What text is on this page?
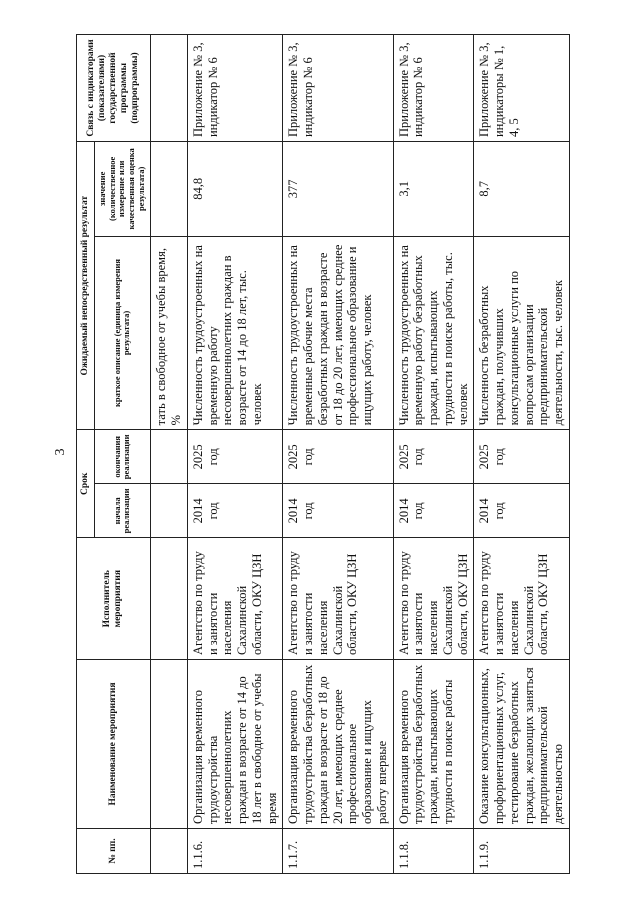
3
№ пп.	Наименование мероприятия	Исполнитель мероприятия	Срок		Ожидаемый непосредственный результат		Связь с индикаторами (показателями) государственной программы (подпрограммы)
			начала реализации	окончания реализации	краткое описание (единица измерения результата)	значение (количественное измерение или качественная оценка результата)	
					тать в свободное от учебы время, %		
1.1.6.	Организация временного трудоустройства несовершеннолетних граждан в возрасте от 14 до 18 лет в свободное от учебы время	Агентство по труду и занятости населения Сахалинской области, ОКУ ЦЗН	2014 год	2025 год	Численность трудоустроенных на временную работу несовершеннолетних граждан в возрасте от 14 до 18 лет, тыс. человек	84,8	Приложение № 3, индикатор № 6
1.1.7.	Организация временного трудоустройства безработных граждан в возрасте от 18 до 20 лет, имеющих среднее профессиональное образование и ищущих работу впервые	Агентство по труду и занятости населения Сахалинской области, ОКУ ЦЗН	2014 год	2025 год	Численность трудоустроенных на временные рабочие места безработных граждан в возрасте от 18 до 20 лет, имеющих среднее профессиональное образование и ищущих работу, человек	377	Приложение № 3, индикатор № 6
1.1.8.	Организация временного трудоустройства безработных граждан, испытывающих трудности в поиске работы	Агентство по труду и занятости населения Сахалинской области, ОКУ ЦЗН	2014 год	2025 год	Численность трудоустроенных на временную работу безработных граждан, испытывающих трудности в поиске работы, тыс. человек	3,1	Приложение № 3, индикатор № 6
1.1.9.	Оказание консультационных, профориентационных услуг, тестирование безработных граждан, желающих заняться предпринимательской деятельностью	Агентство по труду и занятости населения Сахалинской области, ОКУ ЦЗН	2014 год	2025 год	Численность безработных граждан, получивших консультационные услуги по вопросам организации предпринимательской деятельности, тыс. человек	8,7	Приложение № 3, индикаторы № 1, 4, 5
